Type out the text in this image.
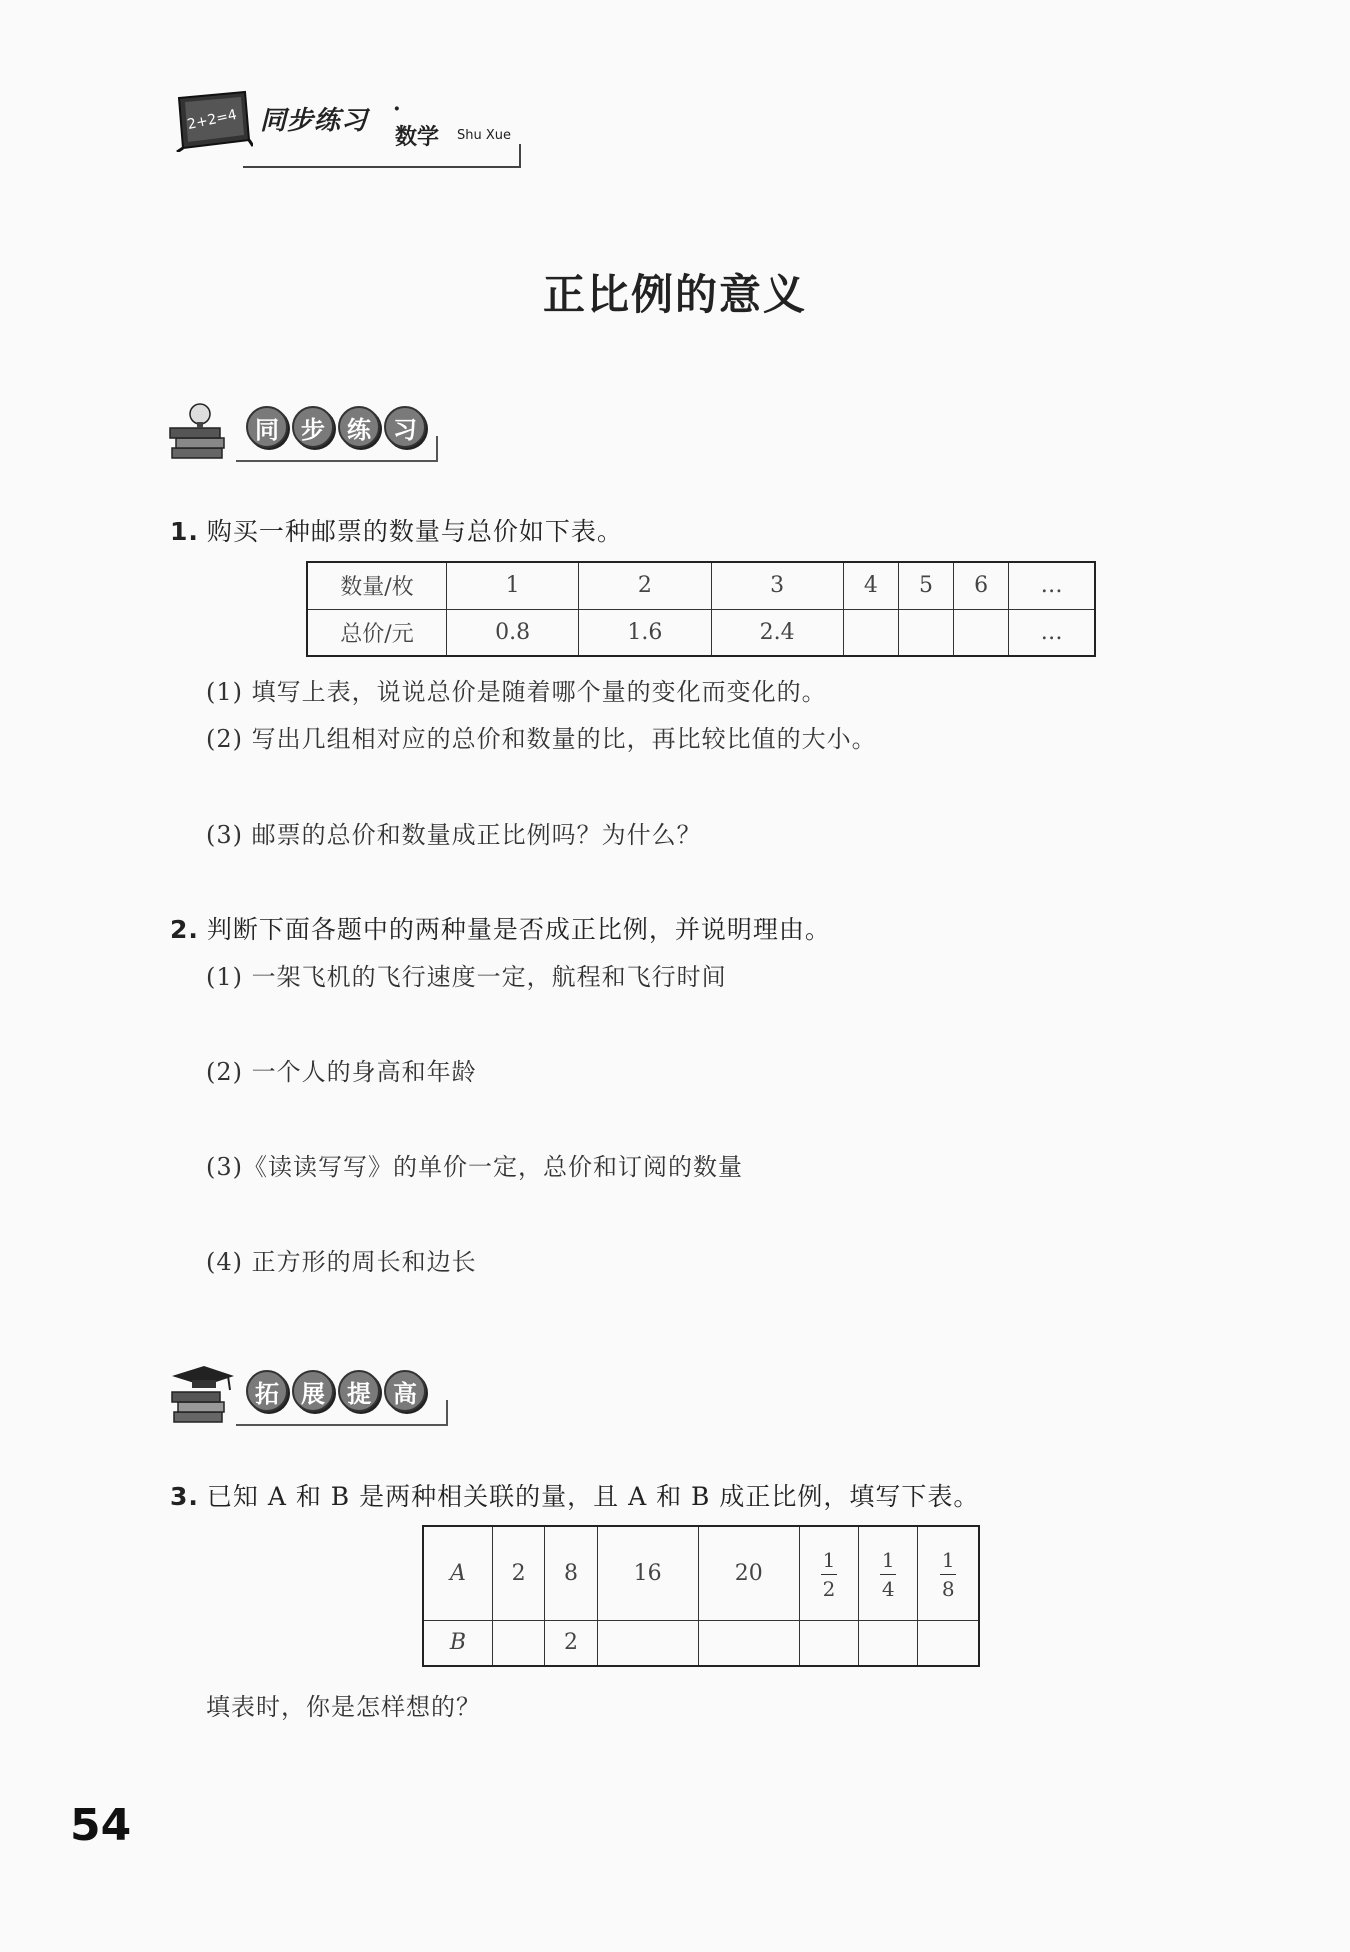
2+2=4 同步练习 ·
数学 Shu Xue
正比例的意义
同 步 练 习
1. 购买一种邮票的数量与总价如下表。
数量/枚	1	2	3	4	5	6	…
总价/元	0.8	1.6	2.4				…
(1) 填写上表，说说总价是随着哪个量的变化而变化的。
(2) 写出几组相对应的总价和数量的比，再比较比值的大小。
(3) 邮票的总价和数量成正比例吗？为什么？
2. 判断下面各题中的两种量是否成正比例，并说明理由。
(1) 一架飞机的飞行速度一定，航程和飞行时间
(2) 一个人的身高和年龄
(3)《读读写写》的单价一定，总价和订阅的数量
(4) 正方形的周长和边长
拓 展 提 高
3. 已知 A 和 B 是两种相关联的量，且 A 和 B 成正比例，填写下表。
A	2	8	16	20	$\frac{1}{2}$	$\frac{1}{4}$	$\frac{1}{8}$

B		2					
填表时，你是怎样想的？
54
